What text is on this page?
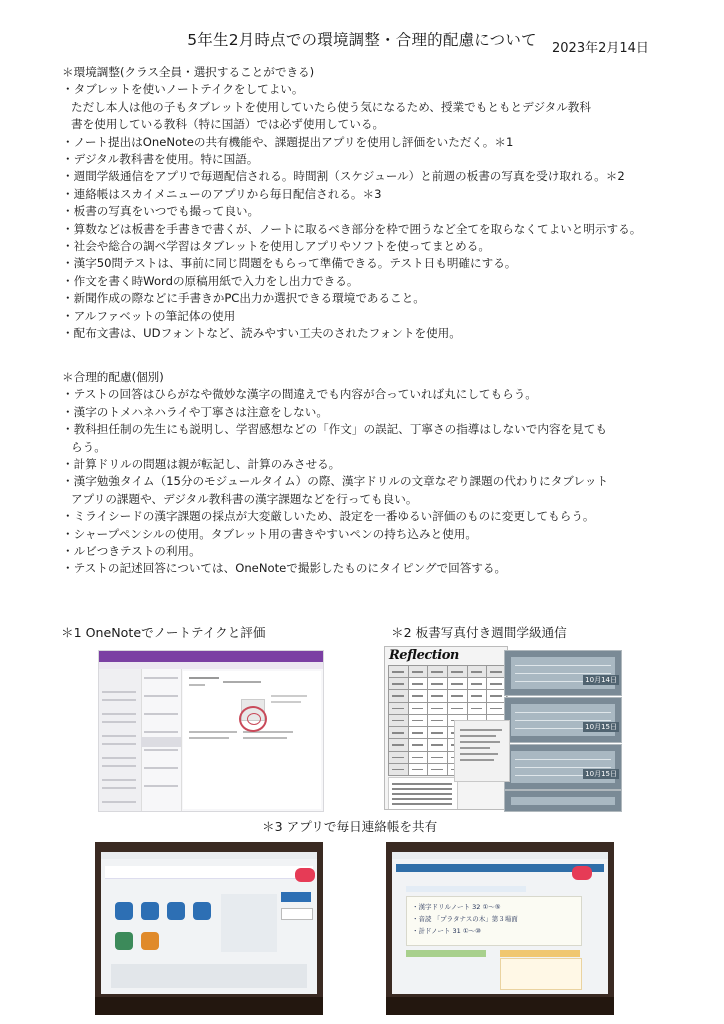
5年生2月時点での環境調整・合理的配慮について	2023年2月14日
＊環境調整(クラス全員・選択することができる)
・タブレットを使いノートテイクをしてよい。
ただし本人は他の子もタブレットを使用していたら使う気になるため、授業でもともとデジタル教科
書を使用している教科（特に国語）では必ず使用している。
・ノート提出はOneNoteの共有機能や、課題提出アプリを使用し評価をいただく。＊1
・デジタル教科書を使用。特に国語。
・週間学級通信をアプリで毎週配信される。時間割（スケジュール）と前週の板書の写真を受け取れる。＊2
・連絡帳はスカイメニューのアプリから毎日配信される。＊3
・板書の写真をいつでも撮って良い。
・算数などは板書を手書きで書くが、ノートに取るべき部分を枠で囲うなど全てを取らなくてよいと明示する。
・社会や総合の調べ学習はタブレットを使用しアプリやソフトを使ってまとめる。
・漢字50問テストは、事前に同じ問題をもらって準備できる。テスト日も明確にする。
・作文を書く時Wordの原稿用紙で入力をし出力できる。
・新聞作成の際などに手書きかPC出力か選択できる環境であること。
・アルファベットの筆記体の使用
・配布文書は、UDフォントなど、読みやすい工夫のされたフォントを使用。
＊合理的配慮(個別)
・テストの回答はひらがなや微妙な漢字の間違えでも内容が合っていれば丸にしてもらう。
・漢字のトメハネハライや丁寧さは注意をしない。
・教科担任制の先生にも説明し、学習感想などの「作文」の誤記、丁寧さの指導はしないで内容を見ても
らう。
・計算ドリルの問題は親が転記し、計算のみさせる。
・漢字勉強タイム（15分のモジュールタイム）の際、漢字ドリルの文章なぞり課題の代わりにタブレット
アプリの課題や、デジタル教科書の漢字課題などを行っても良い。
・ミライシードの漢字課題の採点が大変厳しいため、設定を一番ゆるい評価のものに変更してもらう。
・シャープペンシルの使用。タブレット用の書きやすいペンの持ち込みと使用。
・ルビつきテストの利用。
・テストの記述回答については、OneNoteで撮影したものにタイピングで回答する。
＊1 OneNoteでノートテイクと評価	＊2 板書写真付き週間学級通信
＊3 アプリで毎日連絡帳を共有
Reflection
10月14日
10月15日
10月15日
・漢字ドリルノート 32 ①〜⑤
・音読 「プラタナスの木」第３場面
・計ドノート 31 ①〜⑩
